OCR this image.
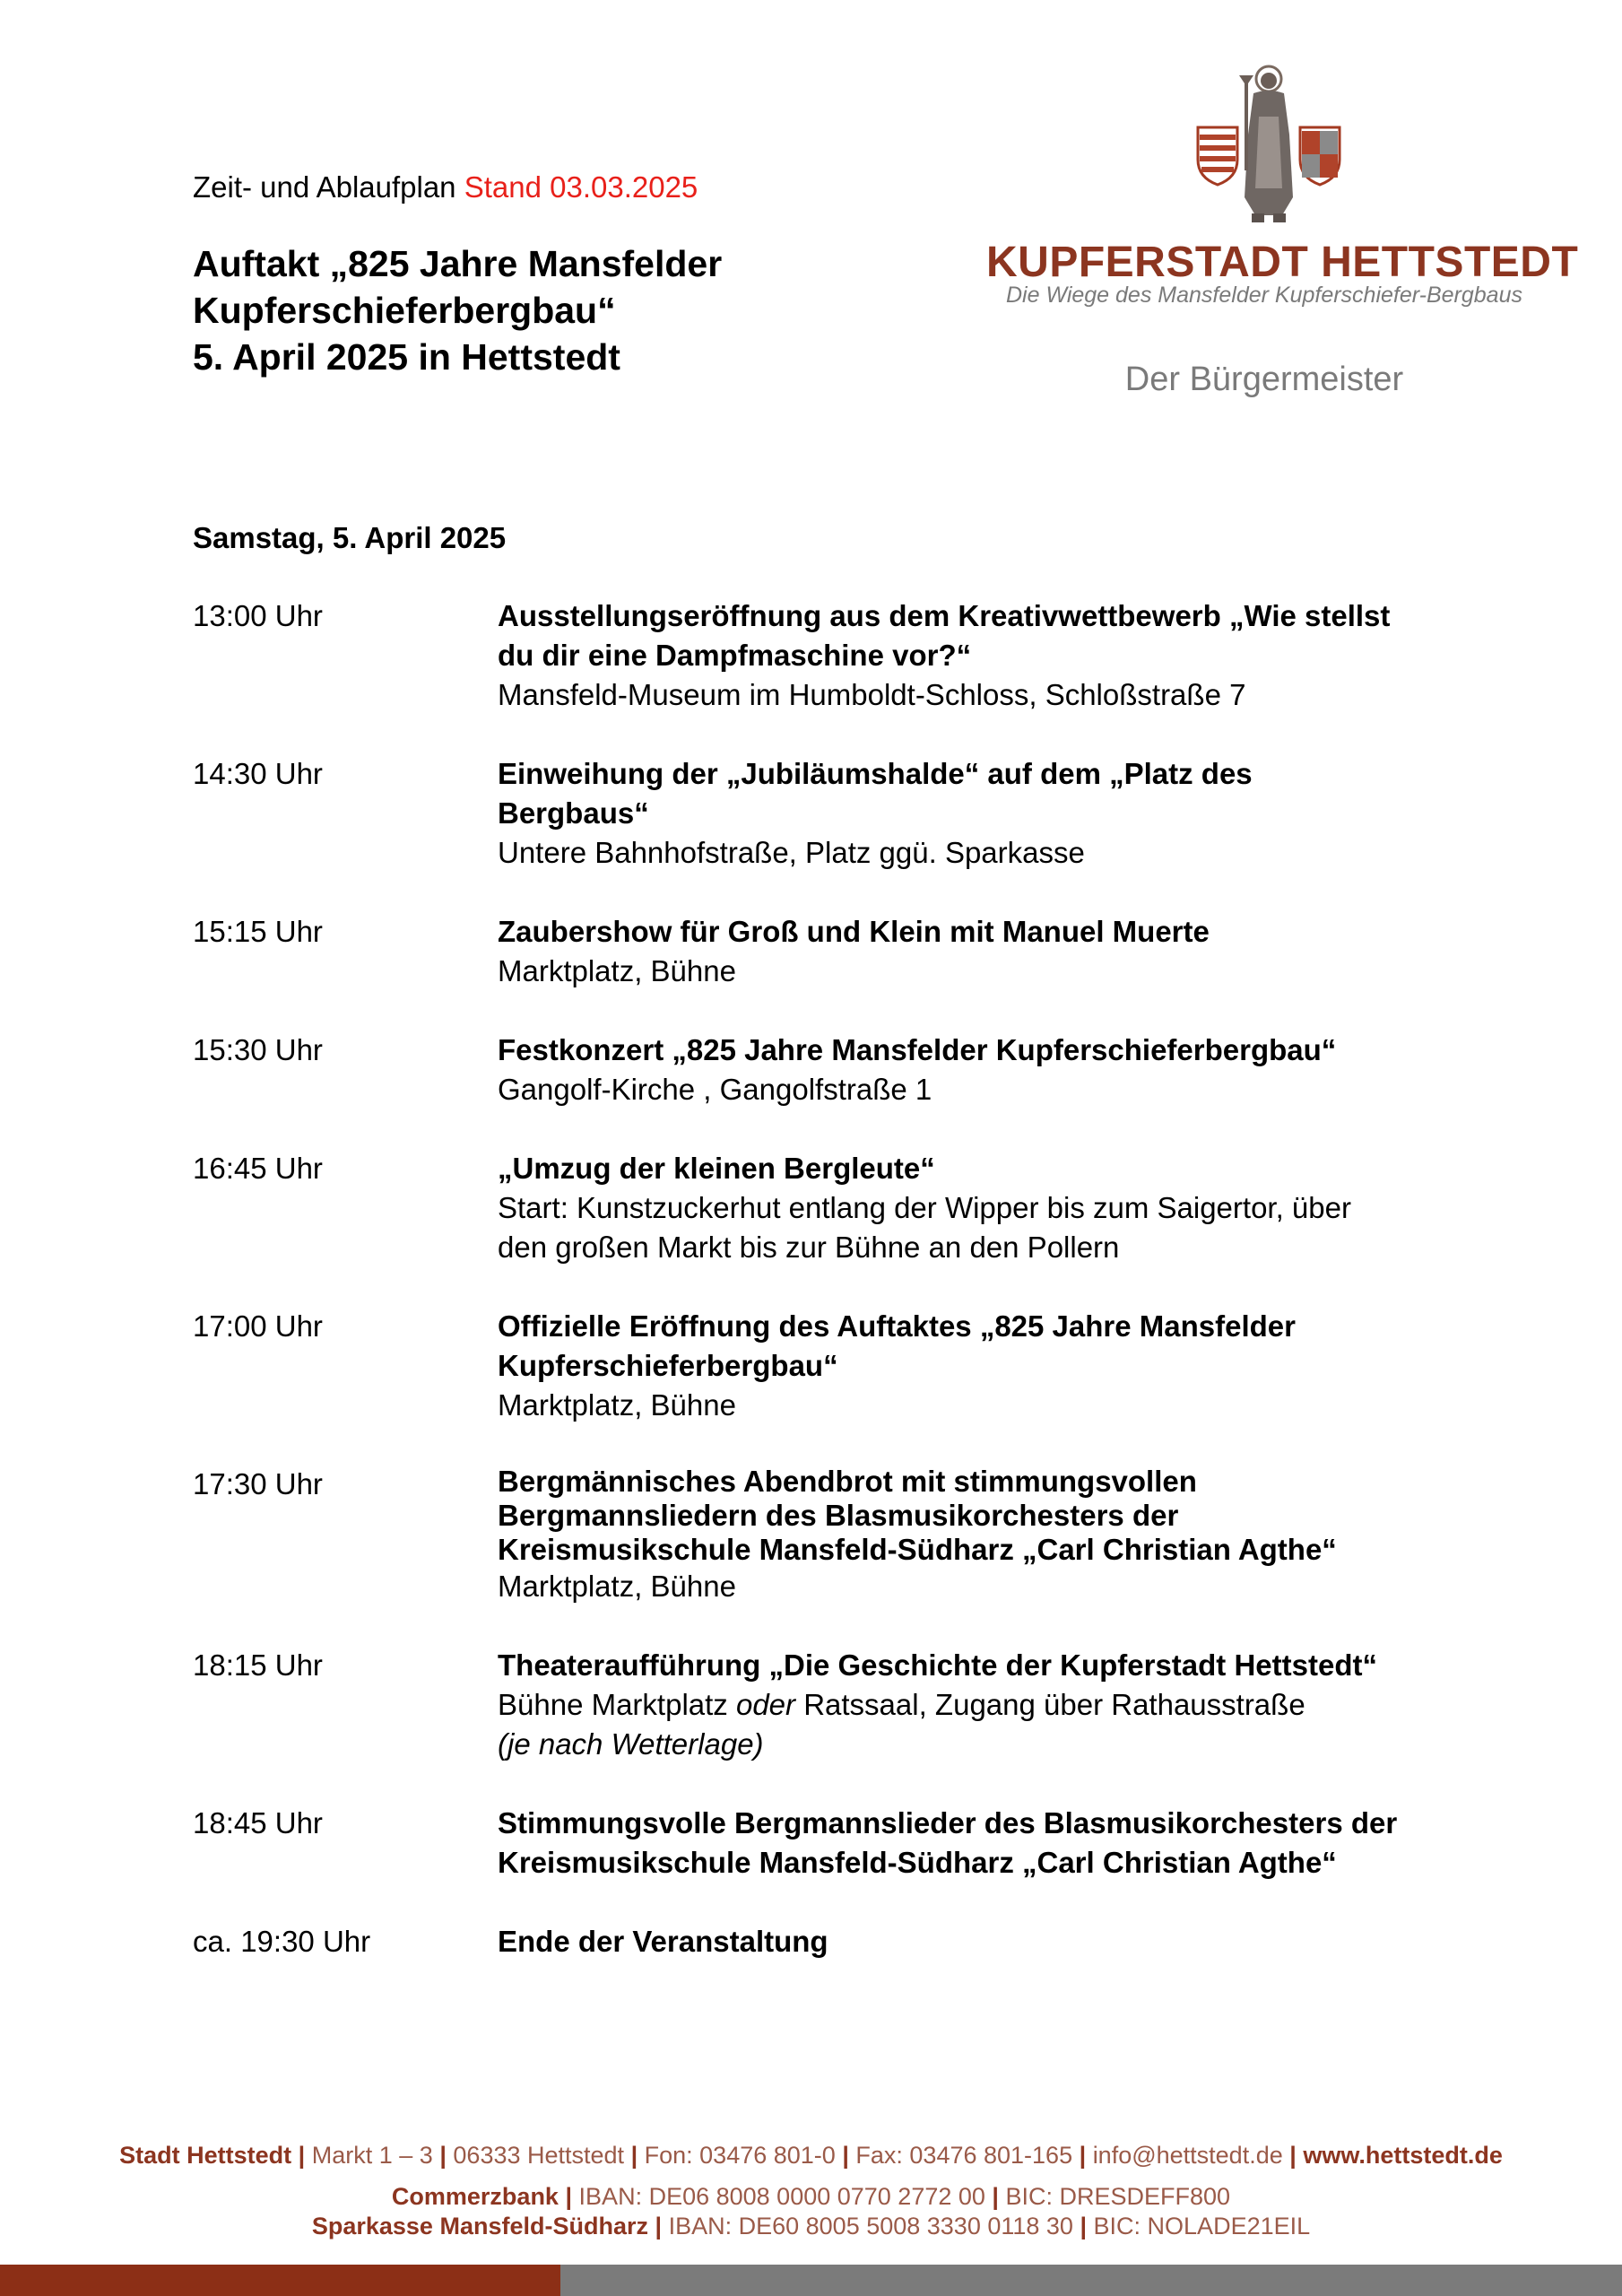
Zeit- und Ablaufplan Stand 03.03.2025
Auftakt „825 Jahre Mansfelder
Kupferschieferbergbau“
5. April 2025 in Hettstedt
KUPFERSTADT HETTSTEDT
Die Wiege des Mansfelder Kupferschiefer-Bergbaus
Der Bürgermeister
Samstag, 5. April 2025
13:00 Uhr	Ausstellungseröffnung aus dem Kreativwettbewerb „Wie stellst
du dir eine Dampfmaschine vor?“
Mansfeld-Museum im Humboldt-Schloss, Schloßstraße 7
14:30 Uhr	Einweihung der „Jubiläumshalde“ auf dem „Platz des
Bergbaus“
Untere Bahnhofstraße, Platz ggü. Sparkasse
15:15 Uhr	Zaubershow für Groß und Klein mit Manuel Muerte
Marktplatz, Bühne
15:30 Uhr	Festkonzert „825 Jahre Mansfelder Kupferschieferbergbau“
Gangolf-Kirche , Gangolfstraße 1
16:45 Uhr	„Umzug der kleinen Bergleute“
Start: Kunstzuckerhut entlang der Wipper bis zum Saigertor, über
den großen Markt bis zur Bühne an den Pollern
17:00 Uhr	Offizielle Eröffnung des Auftaktes „825 Jahre Mansfelder
Kupferschieferbergbau“
Marktplatz, Bühne
17:30 Uhr	Bergmännisches Abendbrot mit stimmungsvollen
Bergmannsliedern des Blasmusikorchesters der
Kreismusikschule Mansfeld-Südharz „Carl Christian Agthe“
Marktplatz, Bühne
18:15 Uhr	Theateraufführung „Die Geschichte der Kupferstadt Hettstedt“
Bühne Marktplatz oder Ratssaal, Zugang über Rathausstraße
(je nach Wetterlage)
18:45 Uhr	Stimmungsvolle Bergmannslieder des Blasmusikorchesters der
Kreismusikschule Mansfeld-Südharz „Carl Christian Agthe“
ca. 19:30 Uhr	Ende der Veranstaltung
Stadt Hettstedt | Markt 1 – 3 | 06333 Hettstedt | Fon: 03476 801-0 | Fax: 03476 801-165 | info@hettstedt.de | www.hettstedt.de
Commerzbank | IBAN: DE06 8008 0000 0770 2772 00 | BIC: DRESDEFF800
Sparkasse Mansfeld-Südharz | IBAN: DE60 8005 5008 3330 0118 30 | BIC: NOLADE21EIL
